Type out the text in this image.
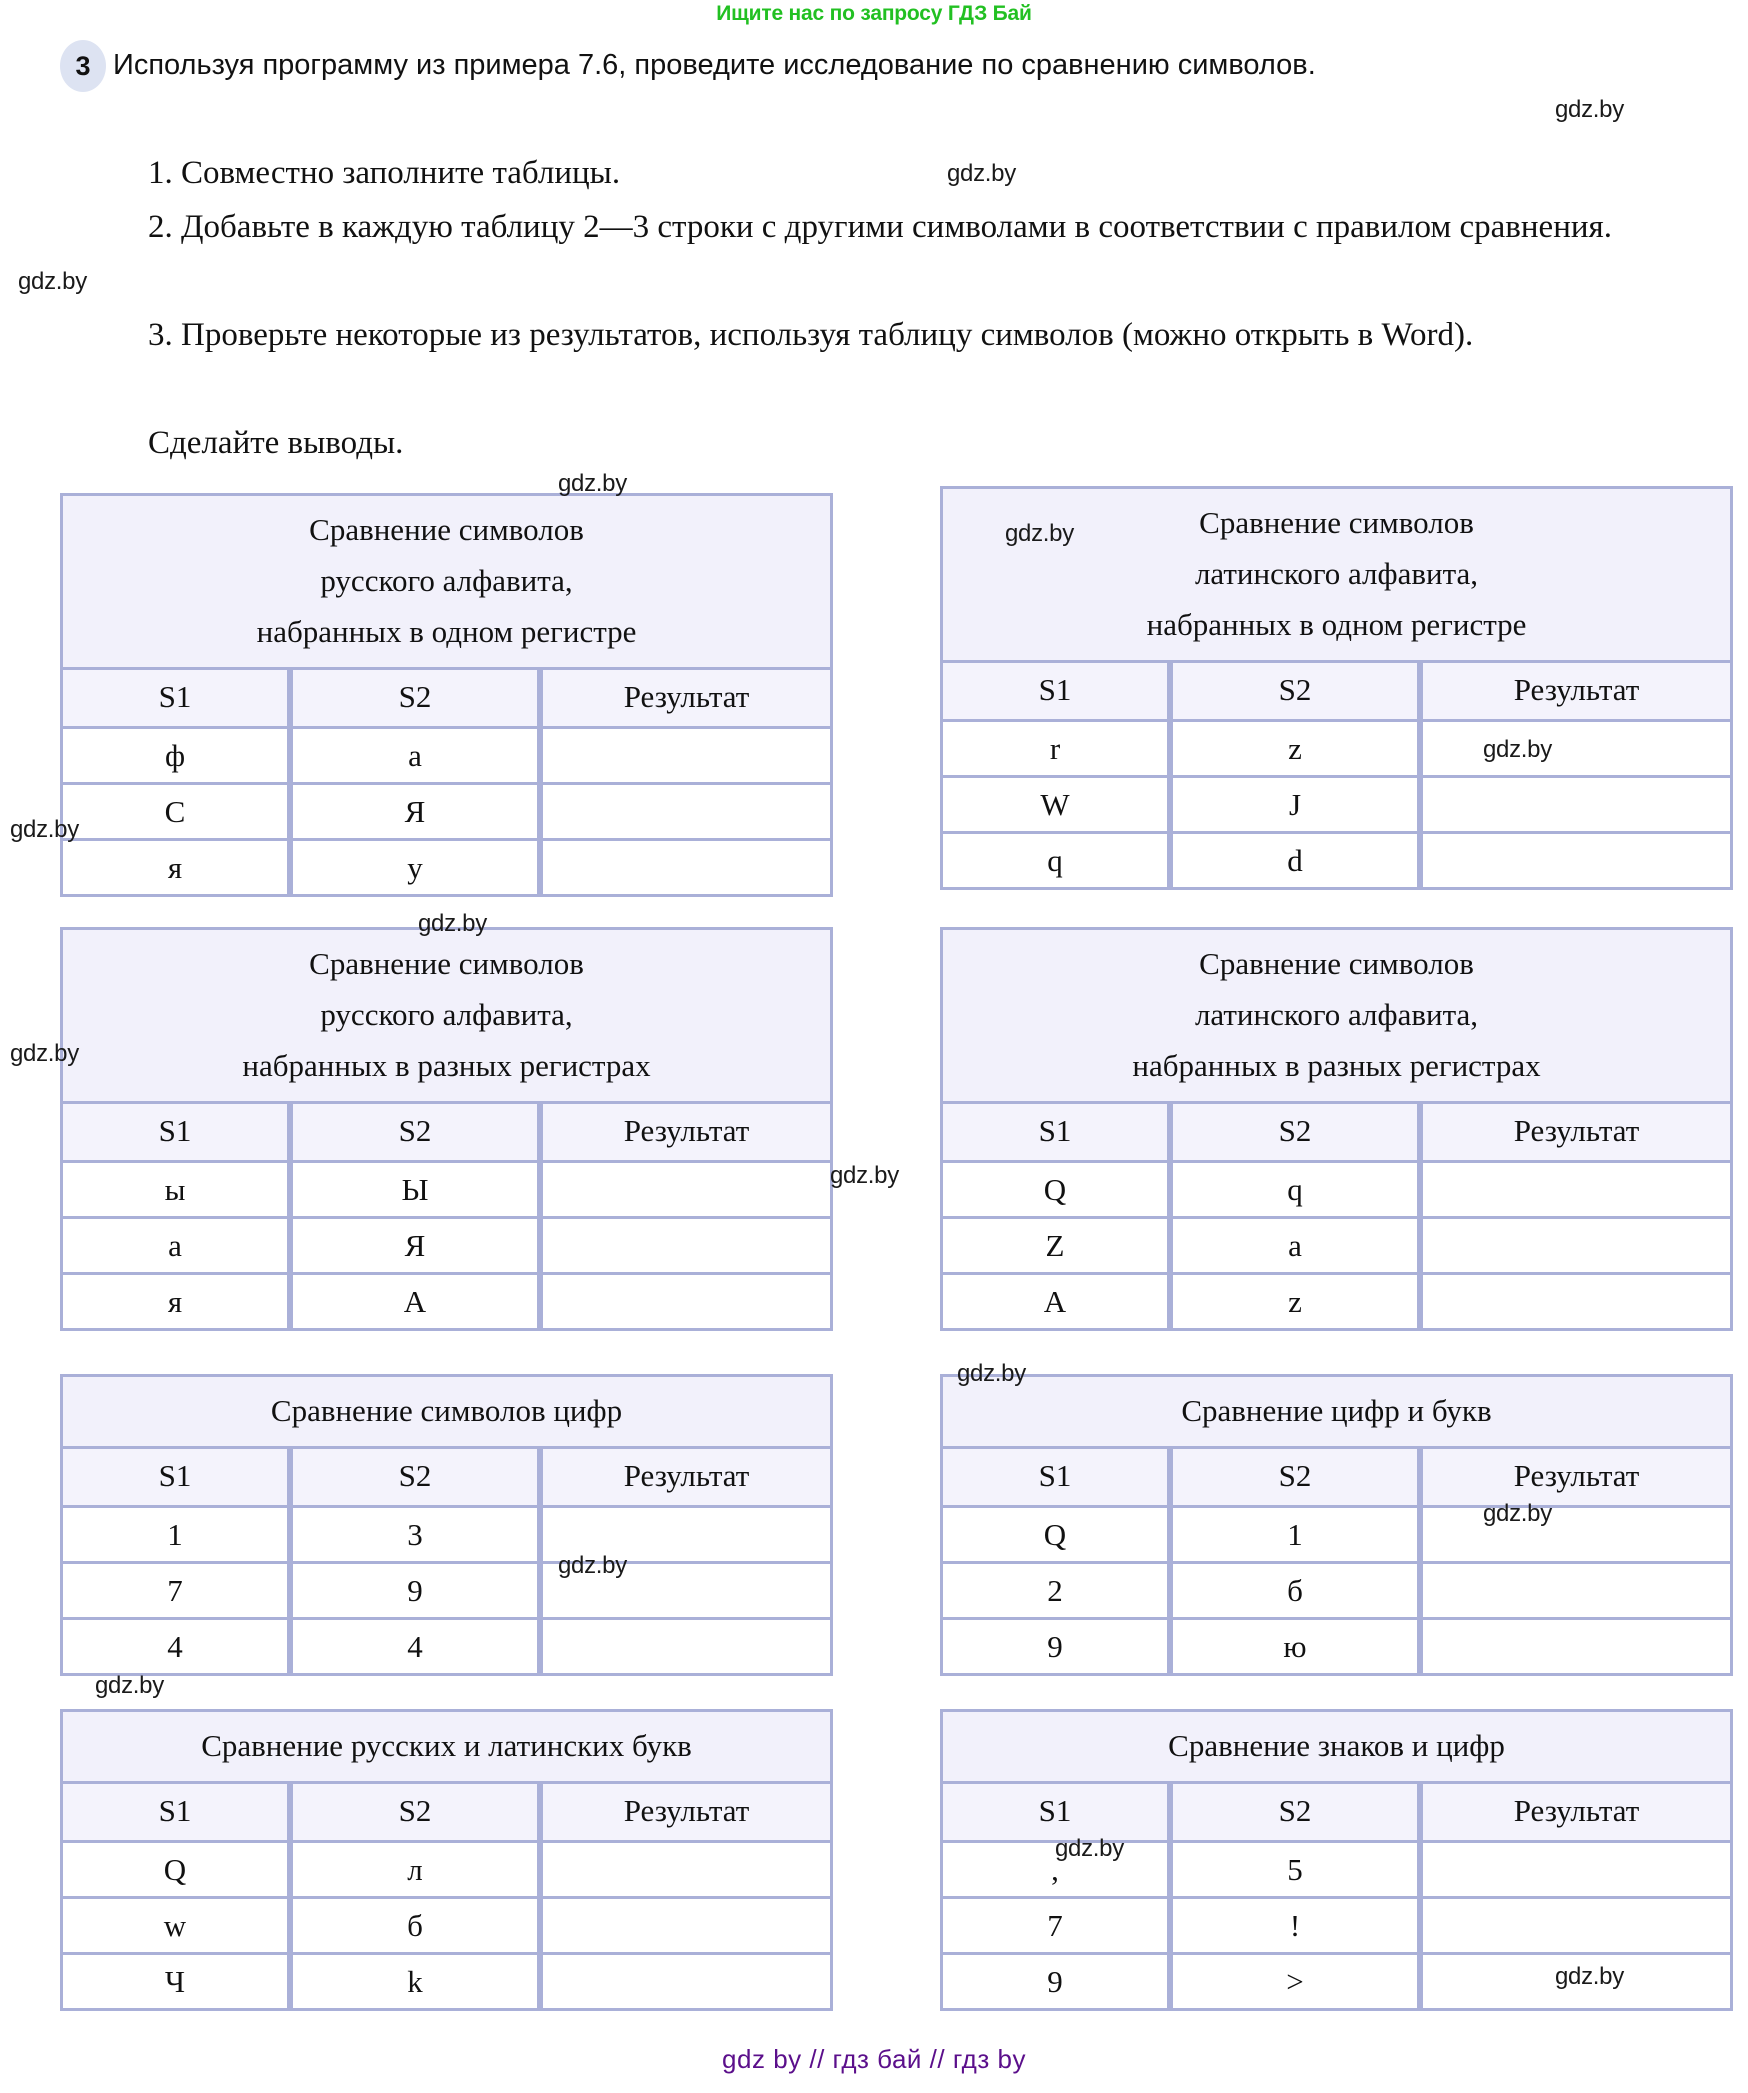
Ищите нас по запросу ГДЗ Бай
3 Используя программу из примера 7.6, проведите исследование по сравнению символов.
1. Совместно заполните таблицы.
2. Добавьте в каждую таблицу 2—3 строки с другими символами в соответствии с правилом сравнения.
3. Проверьте некоторые из результатов, используя таблицу символов (можно открыть в Word).
Сделайте выводы.
Сравнение символов
русского алфавита,
набранных в одном регистре		

S1	S2	Результат
ф	а	
С	Я	
я	у	
Сравнение символов
латинского алфавита,
набранных в одном регистре		

S1	S2	Результат
r	z	
W	J	
q	d	
Сравнение символов
русского алфавита,
набранных в разных регистрах		

S1	S2	Результат
ы	Ы	
а	Я	
я	А	
Сравнение символов
латинского алфавита,
набранных в разных регистрах		

S1	S2	Результат
Q	q	
Z	a	
A	z	
Сравнение символов цифр		

S1	S2	Результат
1	3	
7	9	
4	4	
Сравнение цифр и букв		

S1	S2	Результат
Q	1	
2	б	
9	ю	
Сравнение русских и латинских букв		

S1	S2	Результат
Q	л	
w	б	
Ч	k	
Сравнение знаков и цифр		

S1	S2	Результат
,	5	
7	!	
9	>	
gdz.by
gdz.by
gdz.by
gdz.by
gdz.by
gdz.by
gdz.by
gdz.by
gdz.by
gdz.by
gdz.by
gdz.by
gdz.by
gdz.by
gdz.by
gdz.by
gdz by // гдз бай // гдз by
